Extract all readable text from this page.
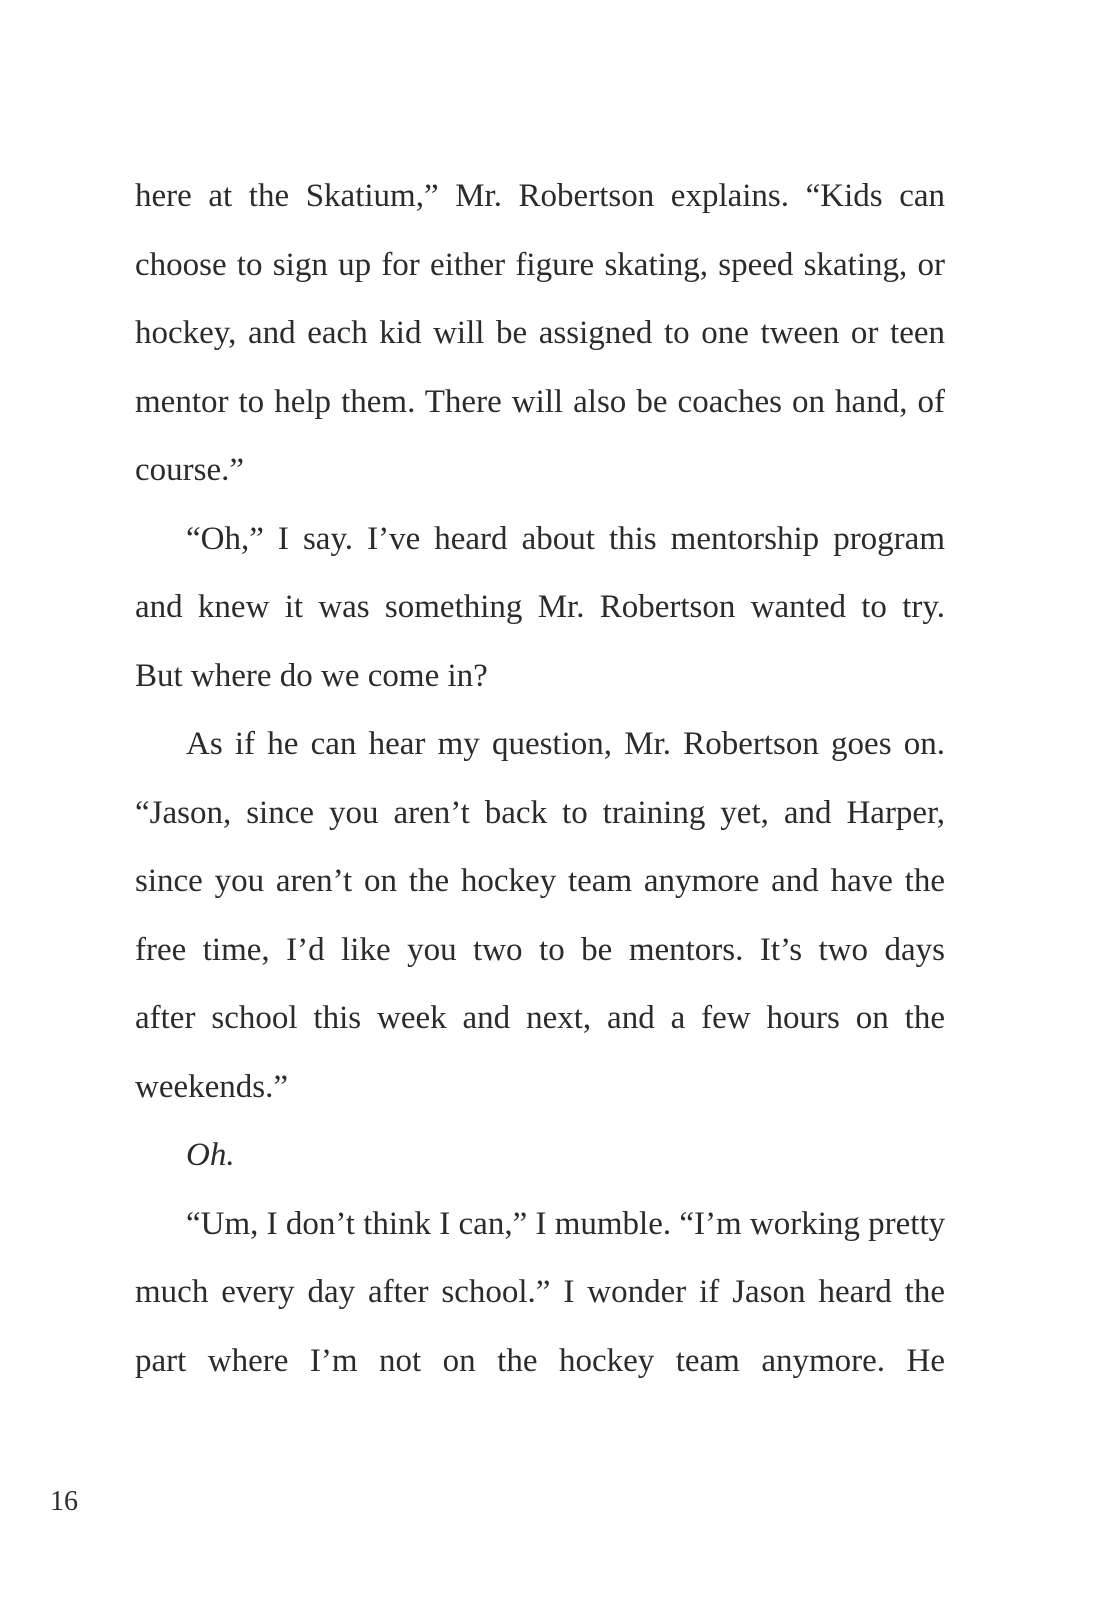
here at the Skatium,” Mr. Robertson explains. “Kids can
choose to sign up for either figure skating, speed skating, or
hockey, and each kid will be assigned to one tween or teen
mentor to help them. There will also be coaches on hand, of
course.”
“Oh,” I say. I’ve heard about this mentorship program
and knew it was something Mr. Robertson wanted to try.
But where do we come in?
As if he can hear my question, Mr. Robertson goes on.
“Jason, since you aren’t back to training yet, and Harper,
since you aren’t on the hockey team anymore and have the
free time, I’d like you two to be mentors. It’s two days
after school this week and next, and a few hours on the
weekends.”
Oh.
“Um, I don’t think I can,” I mumble. “I’m working pretty
much every day after school.” I wonder if Jason heard the
part where I’m not on the hockey team anymore. He
16
